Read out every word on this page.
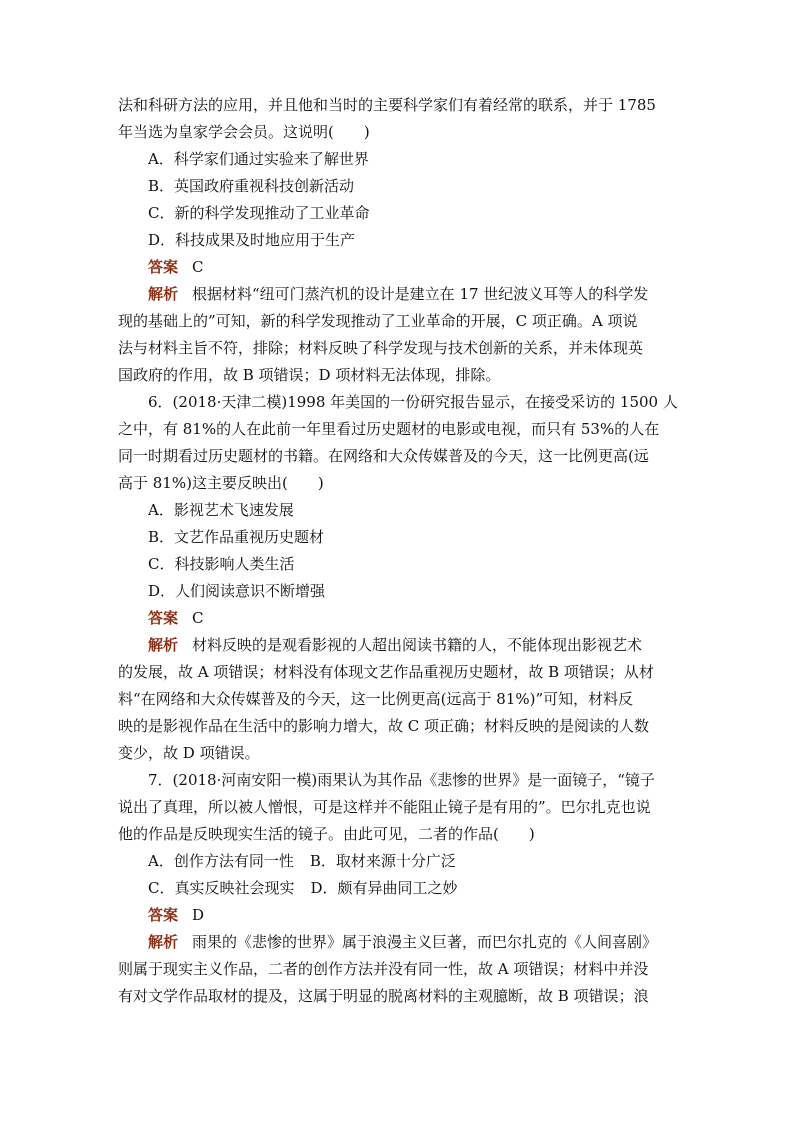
法和科研方法的应用，并且他和当时的主要科学家们有着经常的联系，并于 1785
年当选为皇家学会会员。这说明(　　)
A．科学家们通过实验来了解世界
B．英国政府重视科技创新活动
C．新的科学发现推动了工业革命
D．科技成果及时地应用于生产
答案 C
解析 根据材料“纽可门蒸汽机的设计是建立在 17 世纪波义耳等人的科学发
现的基础上的”可知，新的科学发现推动了工业革命的开展，C 项正确。A 项说
法与材料主旨不符，排除；材料反映了科学发现与技术创新的关系，并未体现英
国政府的作用，故 B 项错误；D 项材料无法体现，排除。
6．(2018·天津二模)1998 年美国的一份研究报告显示，在接受采访的 1500 人
之中，有 81%的人在此前一年里看过历史题材的电影或电视，而只有 53%的人在
同一时期看过历史题材的书籍。在网络和大众传媒普及的今天，这一比例更高(远
高于 81%)这主要反映出(　　)
A．影视艺术飞速发展
B．文艺作品重视历史题材
C．科技影响人类生活
D．人们阅读意识不断增强
答案 C
解析 材料反映的是观看影视的人超出阅读书籍的人，不能体现出影视艺术
的发展，故 A 项错误；材料没有体现文艺作品重视历史题材，故 B 项错误；从材
料“在网络和大众传媒普及的今天，这一比例更高(远高于 81%)”可知，材料反
映的是影视作品在生活中的影响力增大，故 C 项正确；材料反映的是阅读的人数
变少，故 D 项错误。
7．(2018·河南安阳一模)雨果认为其作品《悲惨的世界》是一面镜子，“镜子
说出了真理，所以被人憎恨，可是这样并不能阻止镜子是有用的”。巴尔扎克也说
他的作品是反映现实生活的镜子。由此可见，二者的作品(　　)
A．创作方法有同一性 B．取材来源十分广泛
C．真实反映社会现实 D．颇有异曲同工之妙
答案 D
解析 雨果的《悲惨的世界》属于浪漫主义巨著，而巴尔扎克的《人间喜剧》
则属于现实主义作品，二者的创作方法并没有同一性，故 A 项错误；材料中并没
有对文学作品取材的提及，这属于明显的脱离材料的主观臆断，故 B 项错误；浪
